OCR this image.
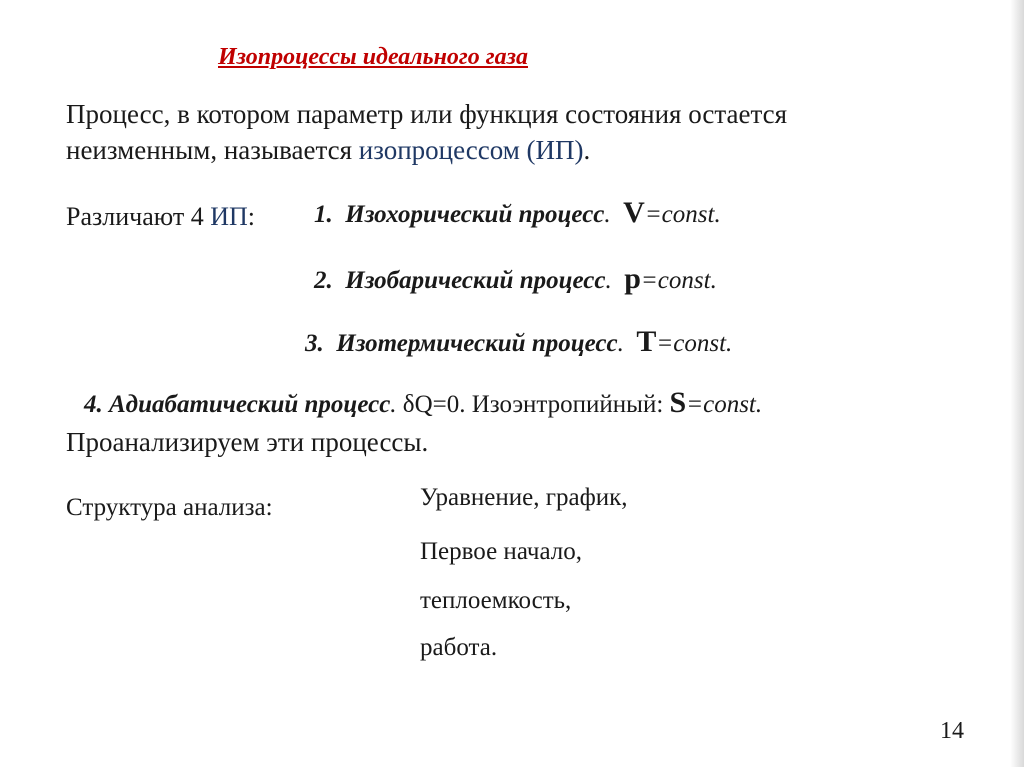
Изопроцессы идеального газа
Процесс, в котором параметр или функция состояния остается
неизменным, называется изопроцессом (ИП).
Различают 4 ИП: 1. Изохорический процесс. V=const.
2. Изобарический процесс. p=const.
3. Изотермический процесс. T=const.
4. Адиабатический процесс. δQ=0. Изоэнтропийный: S=const.
Проанализируем эти процессы.
Структура анализа:	Уравнение, график,
Первое начало,
теплоемкость,
работа.
14
